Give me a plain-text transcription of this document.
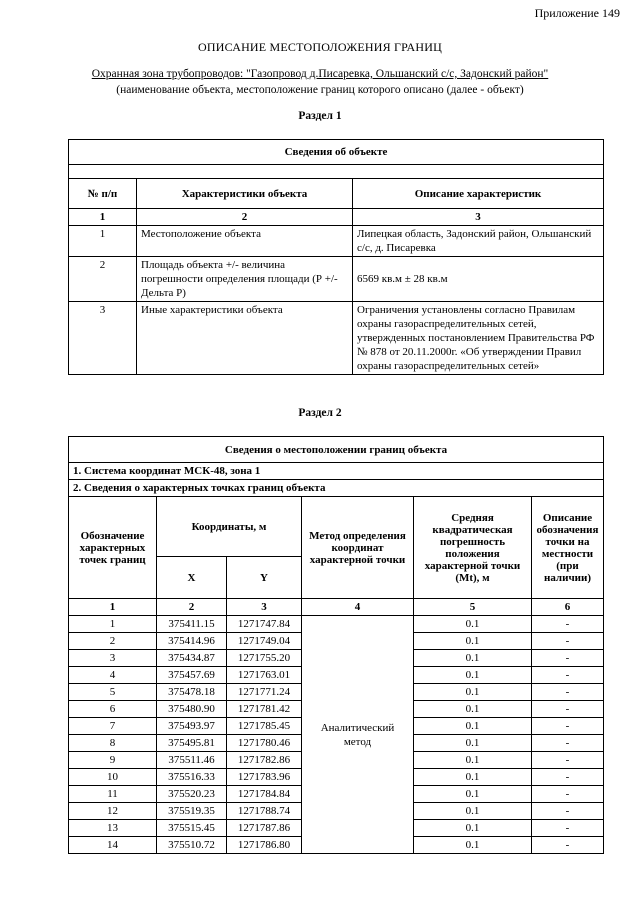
Приложение 149
ОПИСАНИЕ МЕСТОПОЛОЖЕНИЯ ГРАНИЦ
Охранная зона трубопроводов: "Газопровод д.Писаревка, Ольшанский с/с, Задонский район"
(наименование объекта, местоположение границ которого описано (далее - объект)
Раздел 1
Сведения об объекте		

№ п/п	Характеристики объекта	Описание характеристик
1	2	3
1	Местоположение объекта	Липецкая область, Задонский район, Ольшанский с/с, д. Писаревка
2	Площадь объекта +/- величина погрешности определения площади (Р +/- Дельта Р)	6569 кв.м ± 28 кв.м
3	Иные характеристики объекта	Ограничения установлены согласно Правилам охраны газораспределительных сетей, утвержденных постановлением Правительства РФ № 878 от 20.11.2000г. «Об утверждении Правил охраны газораспределительных сетей»
Раздел 2
Сведения о местоположении границ объекта					
1. Система координат МСК-48, зона 1					
2. Сведения о характерных точках границ объекта					
Обозначение характерных точек границ	Координаты, м		Метод определения координат характерной точки	Средняя квадратическая погрешность положения характерной точки (Mt), м	Описание обозначения точки на местности (при наличии)
	X	Y			
1	2	3	4	5	6
1	375411.15	1271747.84	Аналитический метод	0.1	-
2	375414.96	1271749.04		0.1	-
3	375434.87	1271755.20		0.1	-
4	375457.69	1271763.01		0.1	-
5	375478.18	1271771.24		0.1	-
6	375480.90	1271781.42		0.1	-
7	375493.97	1271785.45		0.1	-
8	375495.81	1271780.46		0.1	-
9	375511.46	1271782.86		0.1	-
10	375516.33	1271783.96		0.1	-
11	375520.23	1271784.84		0.1	-
12	375519.35	1271788.74		0.1	-
13	375515.45	1271787.86		0.1	-
14	375510.72	1271786.80		0.1	-
